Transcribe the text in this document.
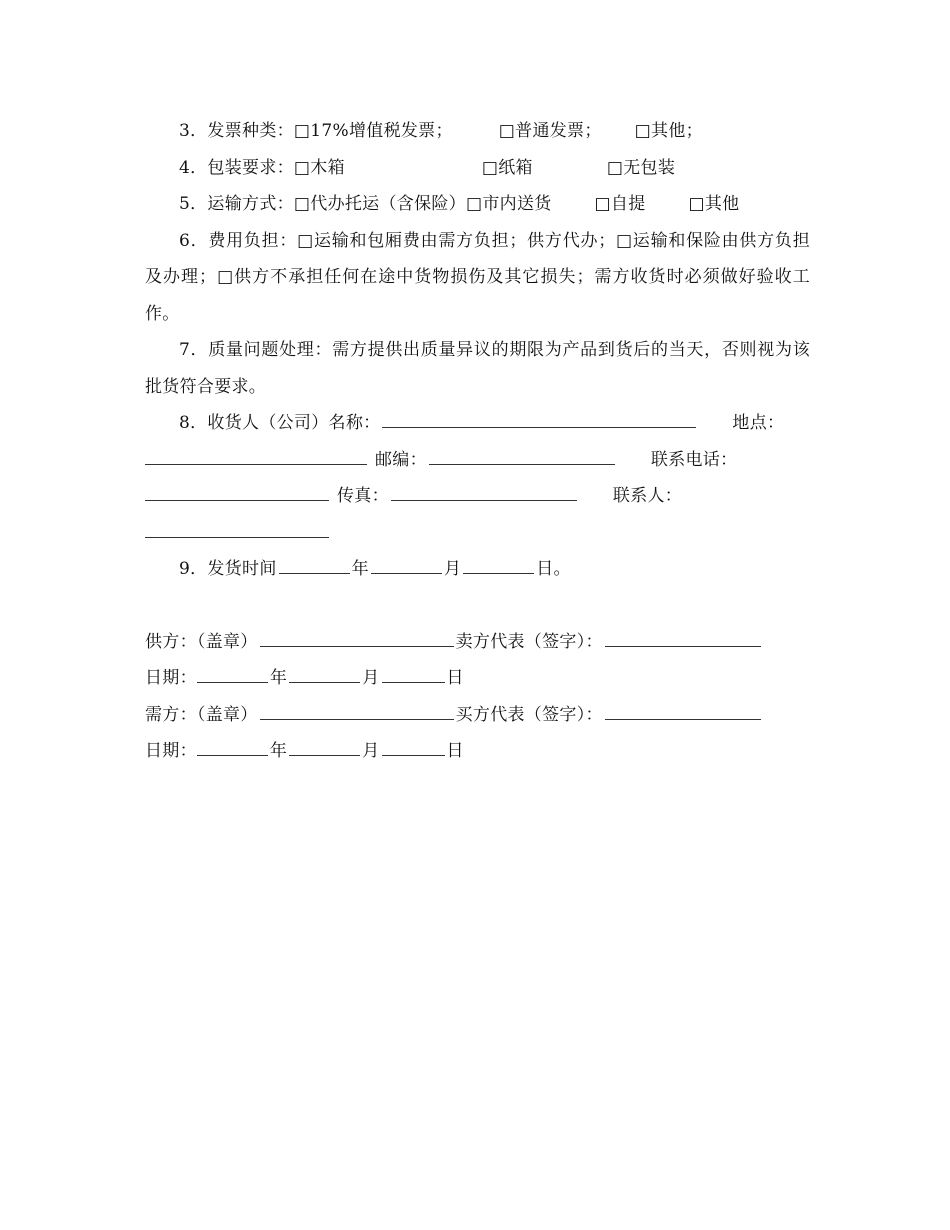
3．发票种类：□17%增值税发票；	□普通发票； □其他；
4．包装要求：□木箱	□纸箱	□无包装
5．运输方式：□代办托运（含保险）□市内送货	□自提	□其他
6．费用负担：□运输和包厢费由需方负担；供方代办；□运输和保险由供方负担及办理；□供方不承担任何在途中货物损伤及其它损失；需方收货时必须做好验收工作。
7．质量问题处理：需方提供出质量异议的期限为产品到货后的当天，否则视为该批货符合要求。
8．收货人（公司）名称：	地点：
邮编：	联系电话：
传真：	联系人：
9．发货时间	年	月	日。
供方：（盖章）	卖方代表（签字）：
日期：	年	月	日
需方：（盖章）	买方代表（签字）：
日期：	年	月	日
